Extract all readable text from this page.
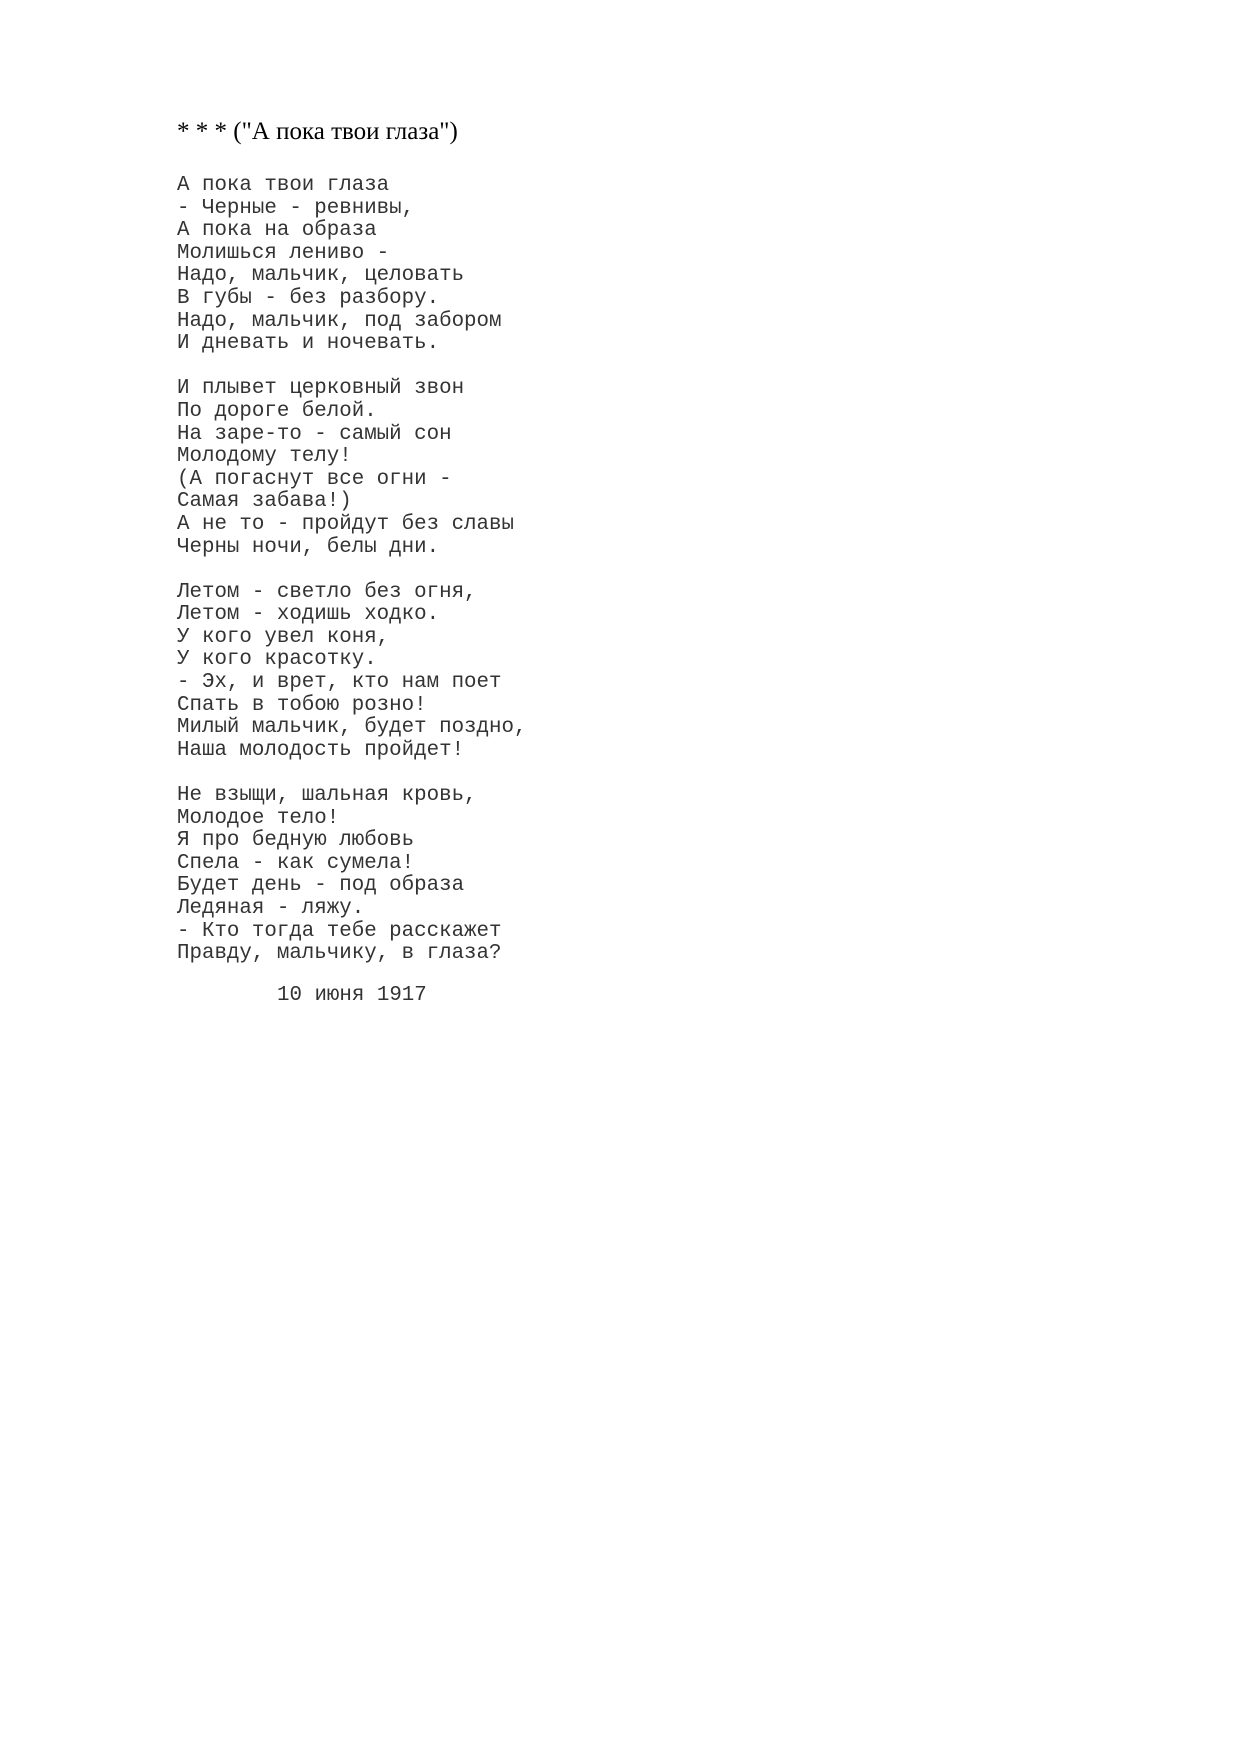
* * * ("А пока твои глаза")
А пока твои глаза
- Черные - ревнивы,
А пока на образа
Молишься лениво -
Надо, мальчик, целовать
В губы - без разбору.
Надо, мальчик, под забором
И дневать и ночевать.
И плывет церковный звон
По дороге белой.
На заре-то - самый сон
Молодому телу!
(А погаснут все огни -
Самая забава!)
А не то - пройдут без славы
Черны ночи, белы дни.
Летом - светло без огня,
Летом - ходишь ходко.
У кого увел коня,
У кого красотку.
- Эх, и врет, кто нам поет
Спать в тобою розно!
Милый мальчик, будет поздно,
Наша молодость пройдет!
Не взыщи, шальная кровь,
Молодое тело!
Я про бедную любовь
Спела - как сумела!
Будет день - под образа
Ледяная - ляжу.
- Кто тогда тебе расскажет
Правду, мальчику, в глаза?

10 июня 1917
